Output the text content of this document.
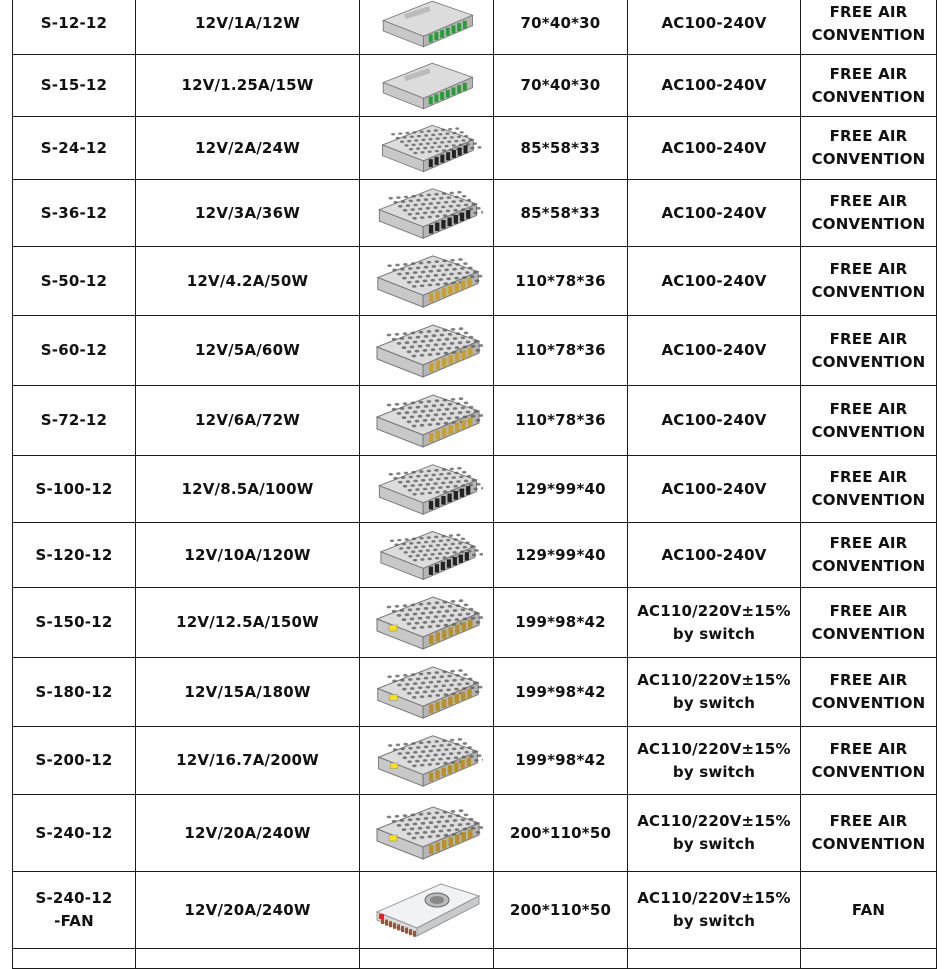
S-12-12	12V/1A/12W		70*40*30	AC100-240V	FREE AIR
CONVENTION

S-15-12	12V/1.25A/15W		70*40*30	AC100-240V	FREE AIR
CONVENTION

S-24-12	12V/2A/24W		85*58*33	AC100-240V	FREE AIR
CONVENTION

S-36-12	12V/3A/36W		85*58*33	AC100-240V	FREE AIR
CONVENTION

S-50-12	12V/4.2A/50W		110*78*36	AC100-240V	FREE AIR
CONVENTION

S-60-12	12V/5A/60W		110*78*36	AC100-240V	FREE AIR
CONVENTION

S-72-12	12V/6A/72W		110*78*36	AC100-240V	FREE AIR
CONVENTION

S-100-12	12V/8.5A/100W		129*99*40	AC100-240V	FREE AIR
CONVENTION

S-120-12	12V/10A/120W		129*99*40	AC100-240V	FREE AIR
CONVENTION

S-150-12	12V/12.5A/150W		199*98*42	AC110/220V±15%
by switch	FREE AIR
CONVENTION

S-180-12	12V/15A/180W		199*98*42	AC110/220V±15%
by switch	FREE AIR
CONVENTION

S-200-12	12V/16.7A/200W		199*98*42	AC110/220V±15%
by switch	FREE AIR
CONVENTION

S-240-12	12V/20A/240W		200*110*50	AC110/220V±15%
by switch	FREE AIR
CONVENTION

S-240-12
-FAN	12V/20A/240W		200*110*50	AC110/220V±15%
by switch	FAN
